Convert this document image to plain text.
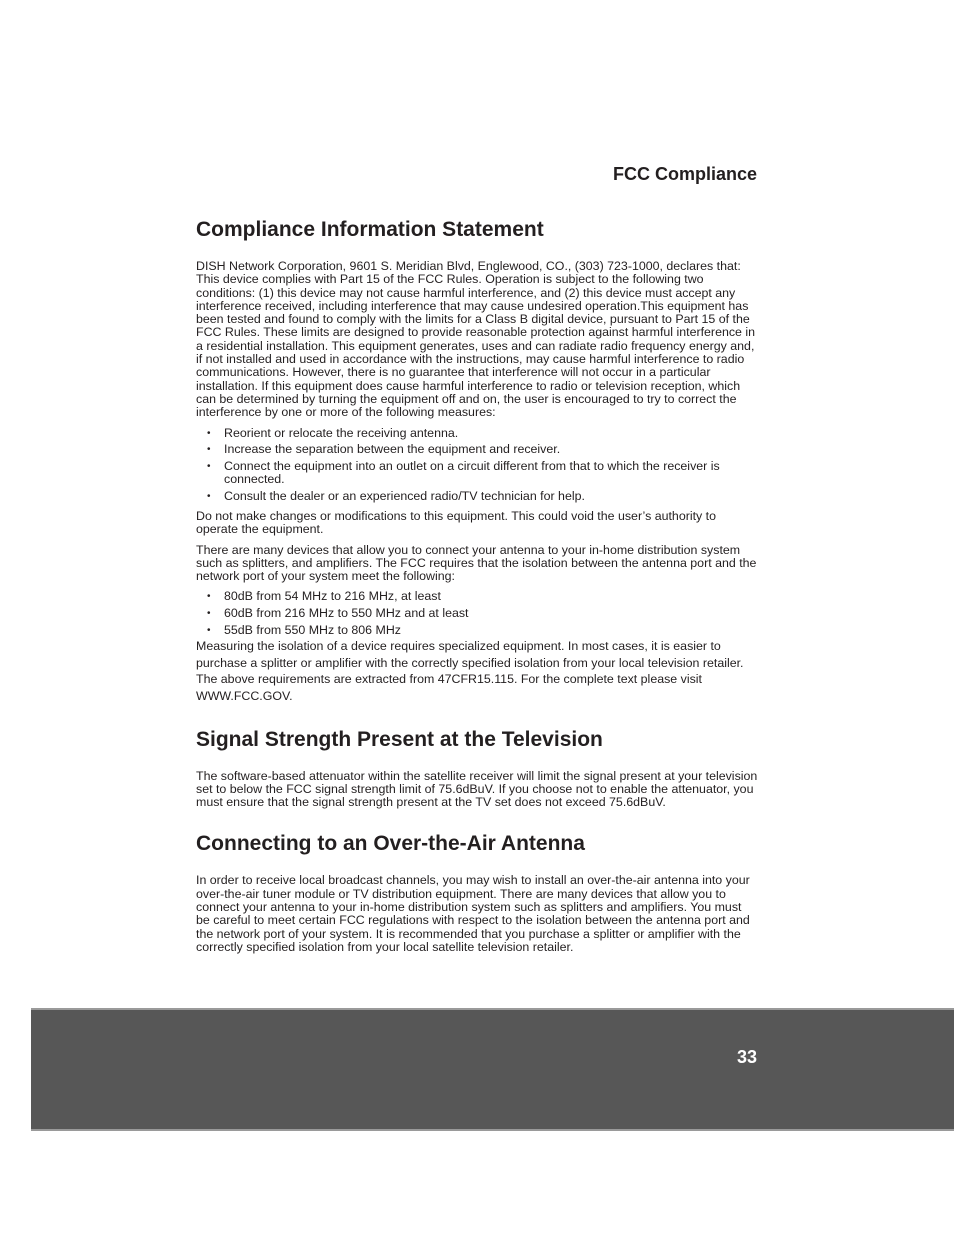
FCC Compliance
Compliance Information Statement

DISH Network Corporation, 9601 S. Meridian Blvd, Englewood, CO., (303) 723-1000, declares that: This device complies with Part 15 of the FCC Rules. Operation is subject to the following two conditions: (1) this device may not cause harmful interference, and (2) this device must accept any interference received, including interference that may cause undesired operation.This equipment has been tested and found to comply with the limits for a Class B digital device, pursuant to Part 15 of the FCC Rules. These limits are designed to provide reasonable protection against harmful interference in a residential installation. This equipment generates, uses and can radiate radio frequency energy and, if not installed and used in accordance with the instructions, may cause harmful interference to radio communications. However, there is no guarantee that interference will not occur in a particular installation. If this equipment does cause harmful interference to radio or television reception, which can be determined by turning the equipment off and on, the user is encouraged to try to correct the interference by one or more of the following measures:

• Reorient or relocate the receiving antenna.
• Increase the separation between the equipment and receiver.
• Connect the equipment into an outlet on a circuit different from that to which the receiver is connected.
• Consult the dealer or an experienced radio/TV technician for help.

Do not make changes or modifications to this equipment. This could void the user’s authority to operate the equipment.

There are many devices that allow you to connect your antenna to your in-home distribution system such as splitters, and amplifiers. The FCC requires that the isolation between the antenna port and the network port of your system meet the following:

• 80dB from 54 MHz to 216 MHz, at least
• 60dB from 216 MHz to 550 MHz and at least
• 55dB from 550 MHz to 806 MHz

Measuring the isolation of a device requires specialized equipment. In most cases, it is easier to purchase a splitter or amplifier with the correctly specified isolation from your local television retailer. The above requirements are extracted from 47CFR15.115. For the complete text please visit WWW.FCC.GOV.

Signal Strength Present at the Television

The software-based attenuator within the satellite receiver will limit the signal present at your television set to below the FCC signal strength limit of 75.6dBuV. If you choose not to enable the attenuator, you must ensure that the signal strength present at the TV set does not exceed 75.6dBuV.

Connecting to an Over-the-Air Antenna

In order to receive local broadcast channels, you may wish to install an over-the-air antenna into your over-the-air tuner module or TV distribution equipment. There are many devices that allow you to connect your antenna to your in-home distribution system such as splitters and amplifiers. You must be careful to meet certain FCC regulations with respect to the isolation between the antenna port and the network port of your system. It is recommended that you purchase a splitter or amplifier with the correctly specified isolation from your local satellite television retailer.

33
